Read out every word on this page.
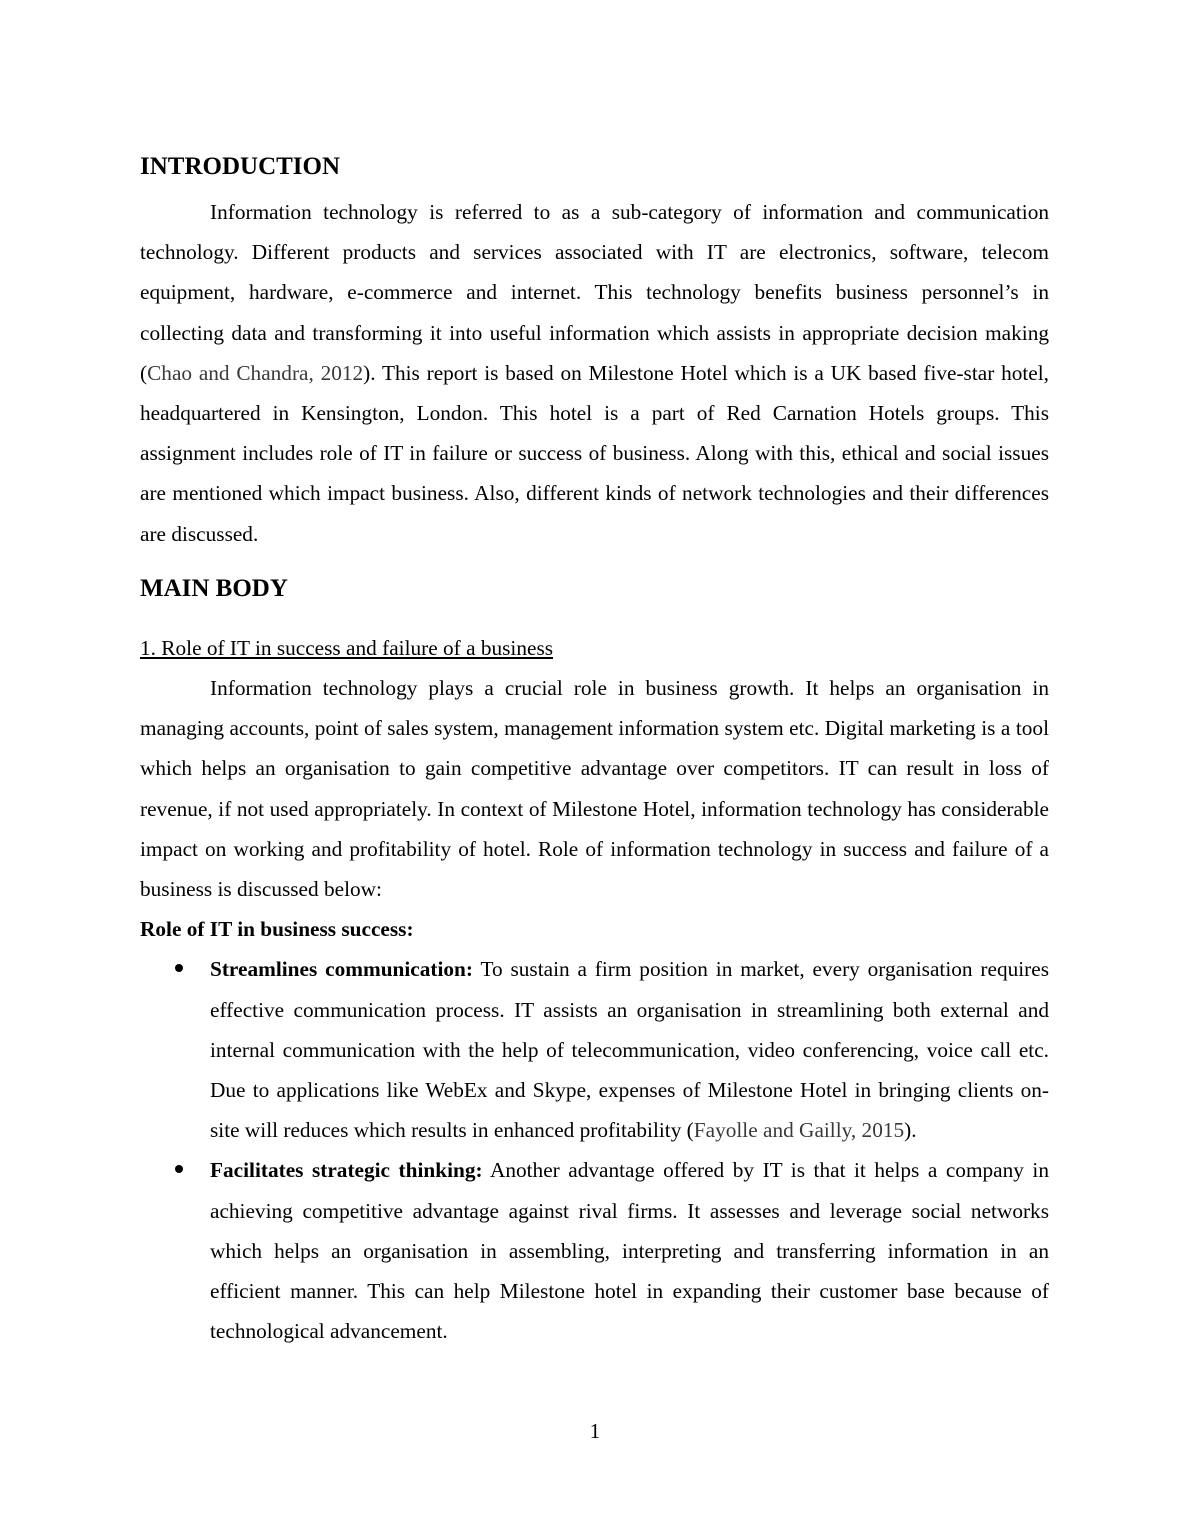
INTRODUCTION

Information technology is referred to as a sub-category of information and communication technology. Different products and services associated with IT are electronics, software, telecom equipment, hardware, e-commerce and internet. This technology benefits business personnel’s in collecting data and transforming it into useful information which assists in appropriate decision making (Chao and Chandra, 2012). This report is based on Milestone Hotel which is a UK based five-star hotel, headquartered in Kensington, London. This hotel is a part of Red Carnation Hotels groups. This assignment includes role of IT in failure or success of business. Along with this, ethical and social issues are mentioned which impact business. Also, different kinds of network technologies and their differences are discussed.

MAIN BODY
1. Role of IT in success and failure of a business

Information technology plays a crucial role in business growth. It helps an organisation in managing accounts, point of sales system, management information system etc. Digital marketing is a tool which helps an organisation to gain competitive advantage over competitors. IT can result in loss of revenue, if not used appropriately. In context of Milestone Hotel, information technology has considerable impact on working and profitability of hotel. Role of information technology in success and failure of a business is discussed below:

Role of IT in business success:
Streamlines communication: To sustain a firm position in market, every organisation requires effective communication process. IT assists an organisation in streamlining both external and internal communication with the help of telecommunication, video conferencing, voice call etc. Due to applications like WebEx and Skype, expenses of Milestone Hotel in bringing clients on-site will reduces which results in enhanced profitability (Fayolle and Gailly, 2015).
Facilitates strategic thinking: Another advantage offered by IT is that it helps a company in achieving competitive advantage against rival firms. It assesses and leverage social networks which helps an organisation in assembling, interpreting and transferring information in an efficient manner. This can help Milestone hotel in expanding their customer base because of technological advancement.
1
